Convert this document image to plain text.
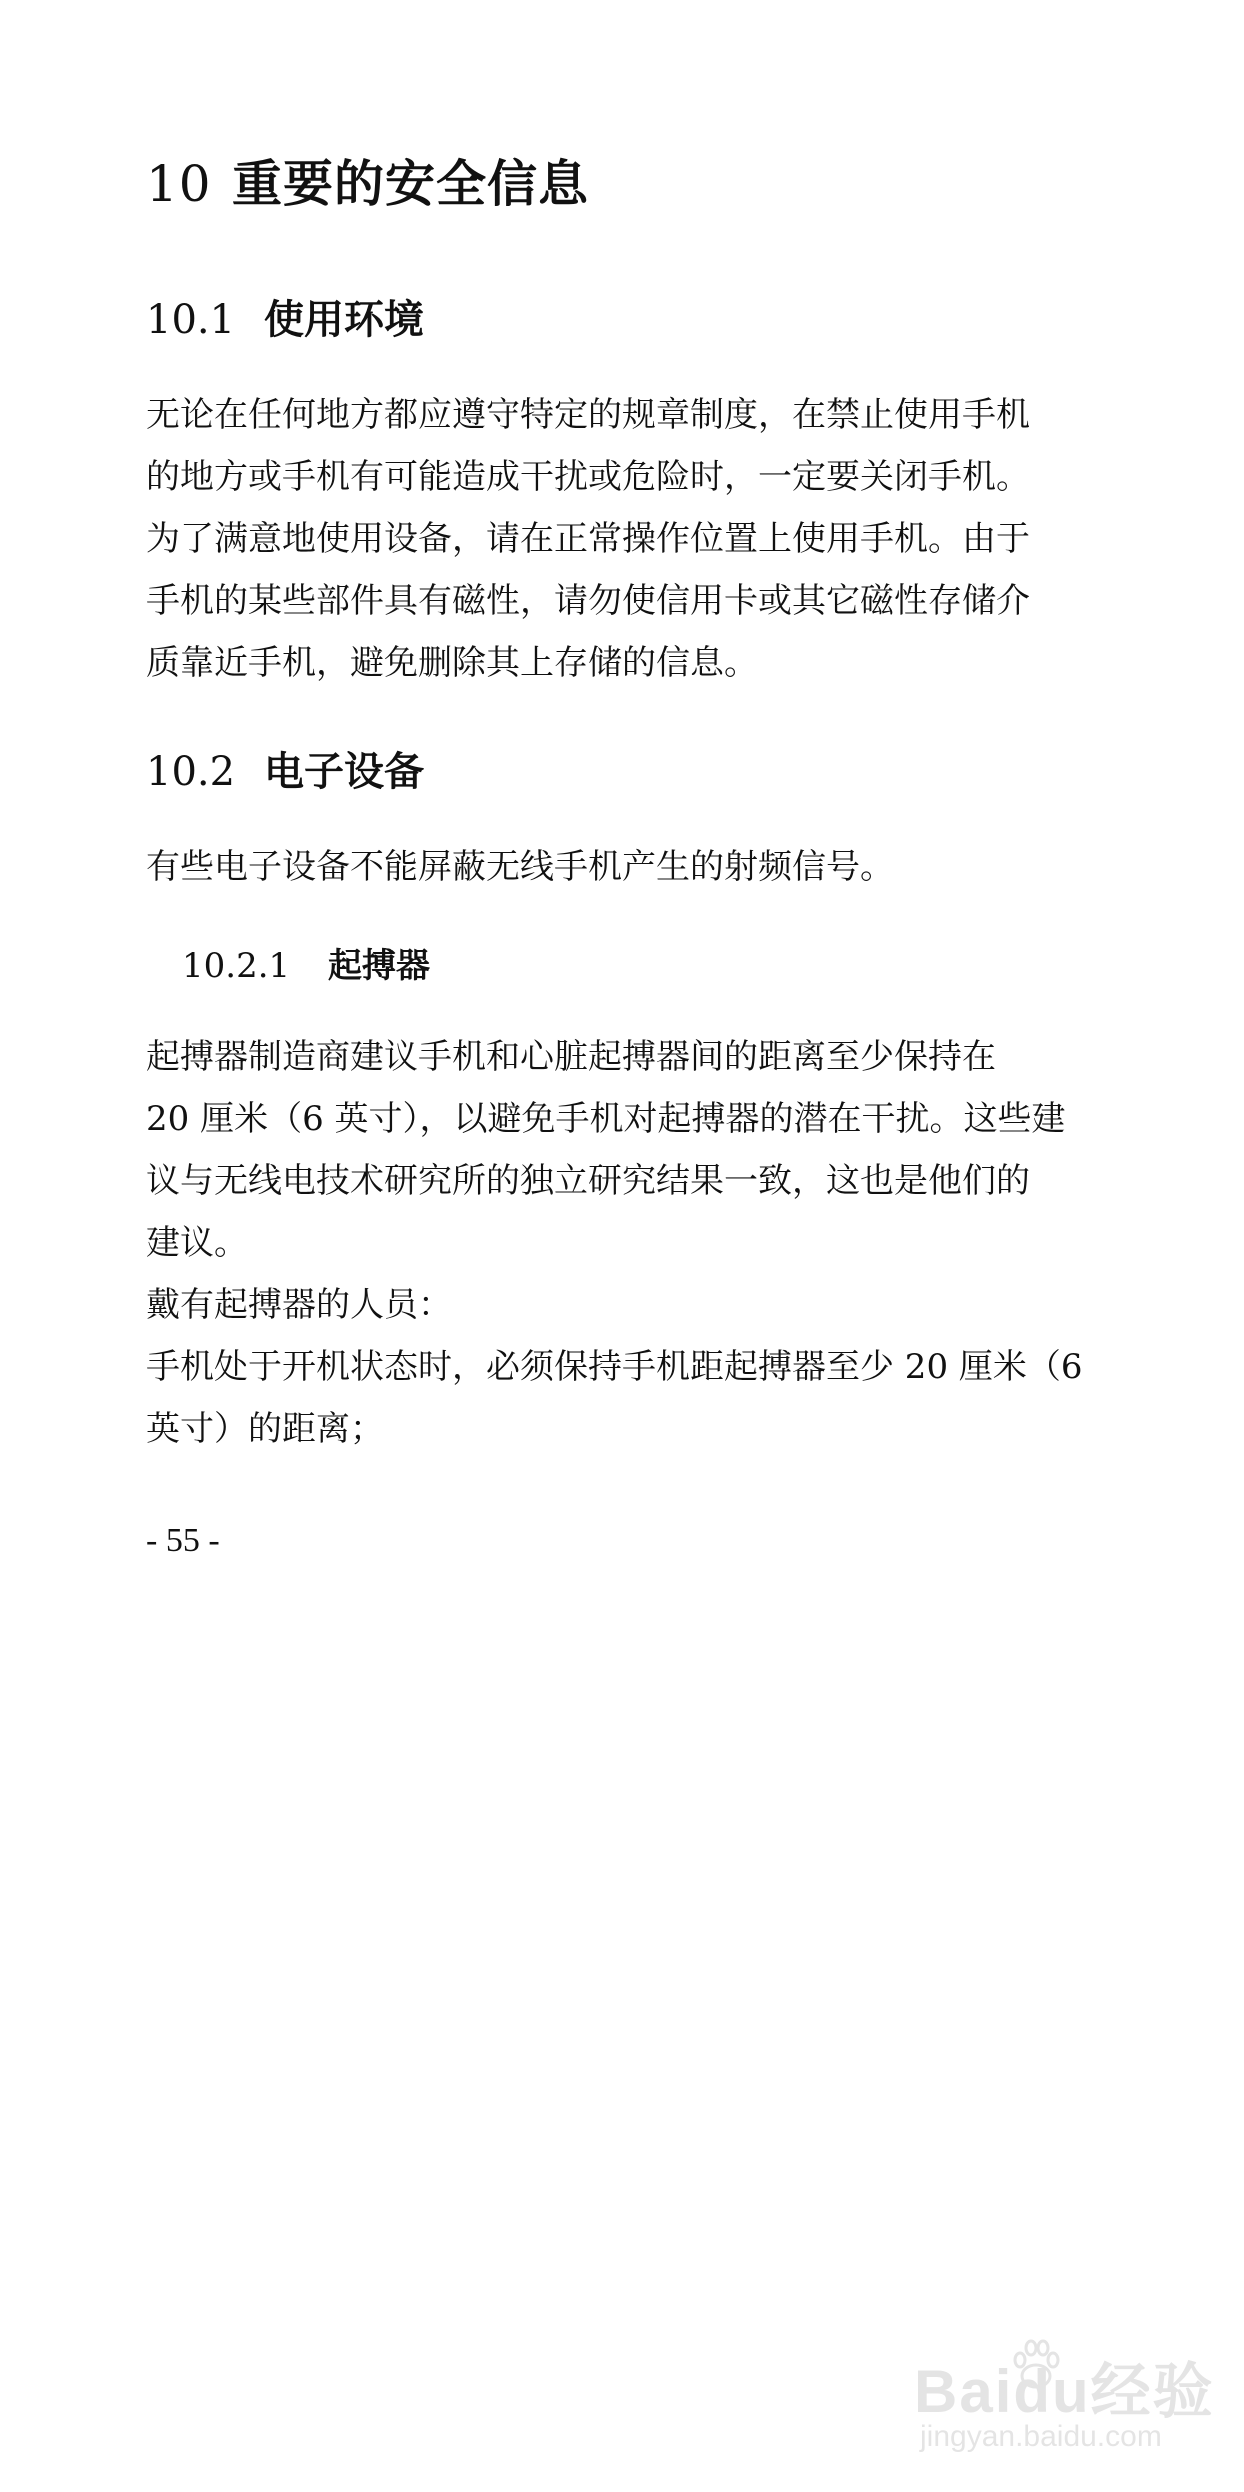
10 重要的安全信息
10.1 使用环境
无论在任何地方都应遵守特定的规章制度，在禁止使用手机
的地方或手机有可能造成干扰或危险时，一定要关闭手机。
为了满意地使用设备，请在正常操作位置上使用手机。由于
手机的某些部件具有磁性，请勿使信用卡或其它磁性存储介
质靠近手机，避免删除其上存储的信息。
10.2 电子设备
有些电子设备不能屏蔽无线手机产生的射频信号。
10.2.1 起搏器
起搏器制造商建议手机和心脏起搏器间的距离至少保持在
20 厘米（6 英寸），以避免手机对起搏器的潜在干扰。这些建
议与无线电技术研究所的独立研究结果一致，这也是他们的
建议。
戴有起搏器的人员：
手机处于开机状态时，必须保持手机距起搏器至少 20 厘米（6
英寸）的距离；
- 55 -
Baidu经验
jingyan.baidu.com
